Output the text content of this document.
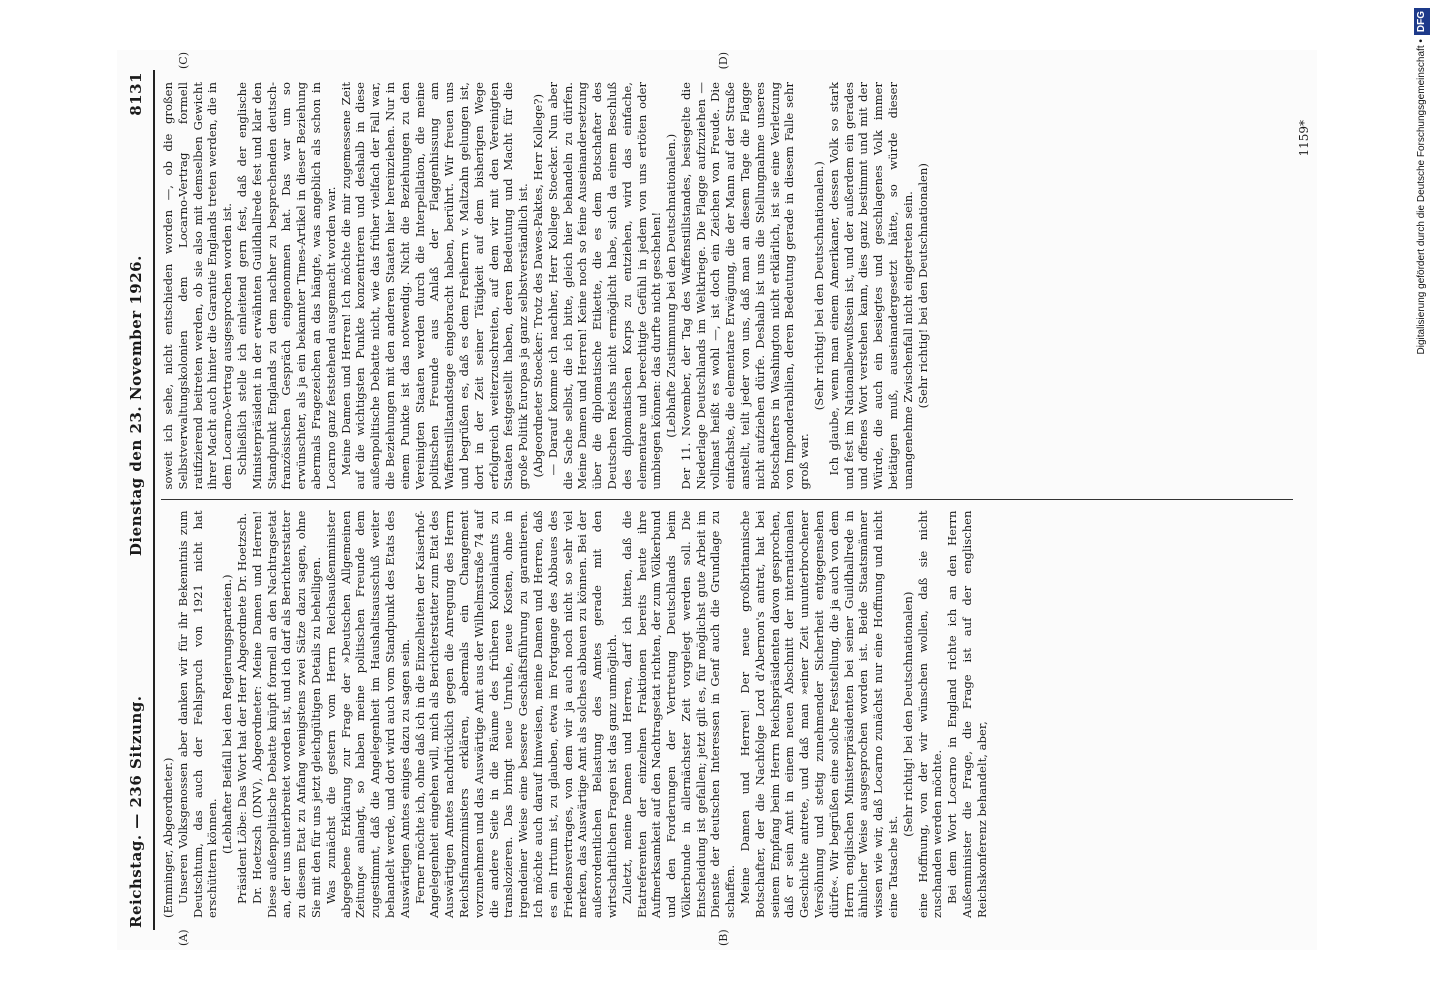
Reichstag. — 236 Sitzung.
Dienstag den 23. November 1926.
8131

(Emminger, Abgeordneter.) Unseren Volksgenossen aber danken wir für ihr Bekenntnis zum Deutschtum, das auch der Fehlspruch von 1921 nicht hat erschüttern können.

(Lebhafter Beifall bei den Regierungsparteien.) Präsident Löbe: Das Wort hat der Herr Abgeordnete Dr. Hoetzsch. Dr. Hoetzsch (DNV), Abgeordneter: Meine Damen und Herren! Diese außenpolitische Debatte knüpft formell an den Nachtragsetat an, der uns unterbreitet worden ist, und ich darf als Berichterstatter zu diesem Etat zu Anfang wenigstens zwei Sätze dazu sagen, ohne Sie mit den für uns jetzt gleichgültigen Details zu behelligen. Was zunächst die gestern vom Herrn Reichsaußenminister abgegebene Erklärung zur Frage der »Deutschen Allgemeinen Zeitung« anlangt, so haben meine politischen Freunde dem zugestimmt, daß die Angelegenheit im Haushaltsausschuß weiter behandelt werde, und dort wird auch vom Standpunkt des Etats des Auswärtigen Amtes einiges dazu zu sagen sein. Ferner möchte ich, ohne daß ich in die Einzelheiten der Kaiserhof-Angelegenheit eingehen will, mich als Berichterstatter zum Etat des Auswärtigen Amtes nachdrücklich gegen die Anregung des Herrn Reichsfinanzministers erklären, abermals ein Changement vorzunehmen und das Auswärtige Amt aus der Wilhelmstraße 74 auf die andere Seite in die Räume des früheren Kolonialamts zu translozieren. Das bringt neue Unruhe, neue Kosten, ohne in irgendeiner Weise eine bessere Geschäftsführung zu garantieren. Ich möchte auch darauf hinweisen, meine Damen und Herren, daß es ein Irrtum ist, zu glauben, etwa im Fortgange des Abbaues des Friedensvertrages, von dem wir ja auch noch nicht so sehr viel merken, das Auswärtige Amt als solches abbauen zu können. Bei der außerordentlichen Belastung des Amtes gerade mit den wirtschaftlichen Fragen ist das ganz unmöglich. Zuletzt, meine Damen und Herren, darf ich bitten, daß die Etatreferenten der einzelnen Fraktionen bereits heute ihre Aufmerksamkeit auf den Nachtragsetat richten, der zum Völkerbund und den Forderungen der Vertretung Deutschlands beim Völkerbunde in allernächster Zeit vorgelegt werden soll. Die Entscheidung ist gefallen; jetzt gilt es, für möglichst gute Arbeit im Dienste der deutschen Interessen in Genf auch die Grundlage zu schaffen. Meine Damen und Herren! Der neue großbritannische Botschafter, der die Nachfolge Lord d'Abernon's antrat, hat bei seinem Empfang beim Herrn Reichspräsidenten davon gesprochen, daß er sein Amt in einem neuen Abschnitt der internationalen Geschichte antrete, und daß man »einer Zeit ununterbrochener Versöhnung und stetig zunehmender Sicherheit entgegensehen dürfe«. Wir begrüßen eine solche Feststellung, die ja auch von dem Herrn englischen Ministerpräsidenten bei seiner Guildhallrede in ähnlicher Weise ausgesprochen worden ist. Beide Staatsmänner wissen wie wir, daß Locarno zunächst nur eine Hoffnung und nicht eine Tatsache ist.

(Sehr richtig! bei den Deutschnationalen) eine Hoffnung, von der wir wünschen wollen, daß sie nicht zuschanden werden möchte. Bei dem Wort Locarno in England richte ich an den Herrn Außenminister die Frage, die Frage ist auf der englischen Reichskonferenz behandelt, aber,

soweit ich sehe, nicht entschieden worden —, ob die großen Selbstverwaltungskolonien dem Locarno-Vertrag formell ratifizierend beitreten werden, ob sie also mit demselben Gewicht ihrer Macht auch hinter die Garantie Englands treten werden, die in dem Locarno-Vertrag ausgesprochen worden ist. Schließlich stelle ich einleitend gern fest, daß der englische Ministerpräsident in der erwähnten Guildhallrede fest und klar den Standpunkt Englands zu dem nachher zu besprechenden deutsch-französischen Gespräch eingenommen hat. Das war um so erwünschter, als ja ein bekannter Times-Artikel in dieser Beziehung abermals Fragezeichen an das hängte, was angeblich als schon in Locarno ganz feststehend ausgemacht worden war. Meine Damen und Herren! Ich möchte die mir zugemessene Zeit auf die wichtigsten Punkte konzentrieren und deshalb in diese außenpolitische Debatte nicht, wie das früher vielfach der Fall war, die Beziehungen mit den anderen Staaten hier hereinziehen. Nur in einem Punkte ist das notwendig. Nicht die Beziehungen zu den Vereinigten Staaten werden durch die Interpellation, die meine politischen Freunde aus Anlaß der Flaggenhissung am Waffenstillstandstage eingebracht haben, berührt. Wir freuen uns und begrüßen es, daß es dem Freiherrn v. Maltzahn gelungen ist, dort in der Zeit seiner Tätigkeit auf dem bisherigen Wege erfolgreich weiterzuschreiten, auf dem wir mit den Vereinigten Staaten festgestellt haben, deren Bedeutung und Macht für die große Politik Europas ja ganz selbstverständlich ist. (Abgeordneter Stoecker: Trotz des Dawes-Paktes, Herr Kollege?) — Darauf komme ich nachher, Herr Kollege Stoecker. Nun aber die Sache selbst, die ich bitte, gleich hier behandeln zu dürfen. Meine Damen und Herren! Keine noch so feine Auseinandersetzung über die diplomatische Etikette, die es dem Botschafter des Deutschen Reichs nicht ermöglicht habe, sich da einem Beschluß des diplomatischen Korps zu entziehen, wird das einfache, elementare und berechtigte Gefühl in jedem von uns ertöten oder umbiegen können: das durfte nicht geschehen! (Lebhafte Zustimmung bei den Deutschnationalen.) Der 11. November, der Tag des Waffenstillstandes, besiegelte die Niederlage Deutschlands im Weltkriege. Die Flagge aufzuziehen — vollmast heißt es wohl —, ist doch ein Zeichen von Freude. Die einfachste, die elementare Erwägung, die der Mann auf der Straße anstellt, teilt jeder von uns, daß man an diesem Tage die Flagge nicht aufziehen dürfe. Deshalb ist uns die Stellungnahme unseres Botschafters in Washington nicht erklärlich, ist sie eine Verletzung von Imponderabilien, deren Bedeutung gerade in diesem Falle sehr groß war.

(Sehr richtig! bei den Deutschnationalen.) Ich glaube, wenn man einem Amerikaner, dessen Volk so stark und fest im Nationalbewußtsein ist, und der außerdem ein gerades und offenes Wort verstehen kann, dies ganz bestimmt und mit der Würde, die auch ein besiegtes und geschlagenes Volk immer betätigen muß, auseinandergesetzt hätte, so würde dieser unangenehme Zwischenfall nicht eingetreten sein. (Sehr richtig! bei den Deutschnationalen)

(A)	(B)
(C)	(D)
1159*	Digitalisierung gefördert durch die Deutsche Forschungsgemeinschaft •DFG
